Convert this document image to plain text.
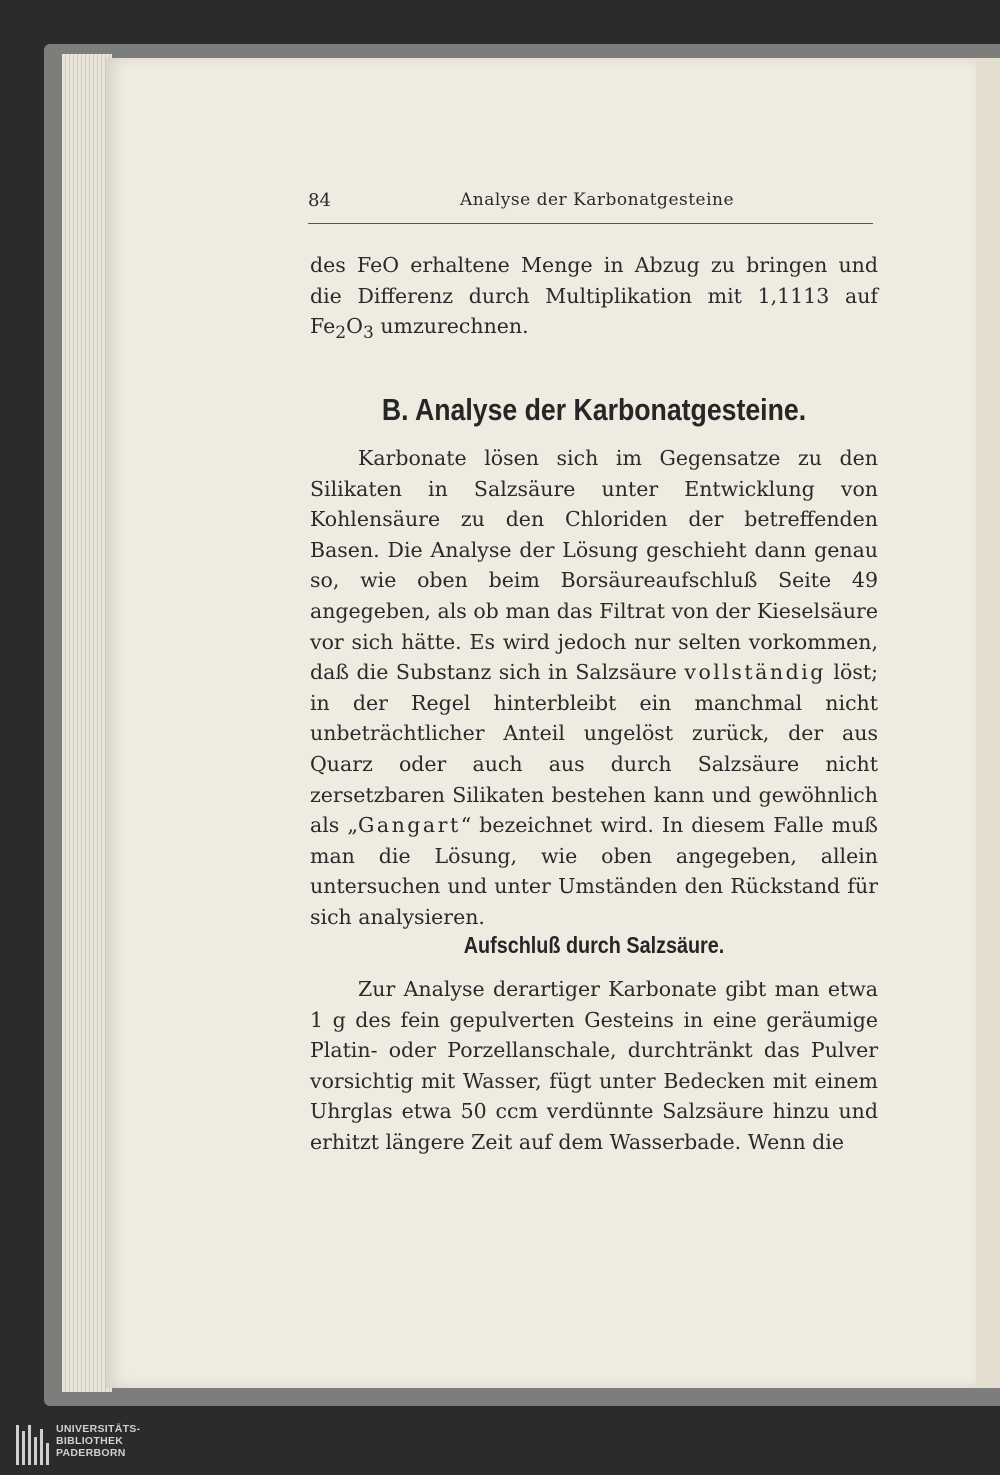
84	Analyse der Karbonatgesteine

des FeO erhaltene Menge in Abzug zu bringen und die Differenz durch Multiplikation mit 1,1113 auf $Fe_2O_3$ umzurechnen.

B. Analyse der Karbonatgesteine.

Karbonate lösen sich im Gegensatze zu den Silikaten in Salzsäure unter Entwicklung von Kohlensäure zu den Chloriden der betreffenden Basen. Die Analyse der Lösung geschieht dann genau so, wie oben beim Borsäureaufschluß Seite 49 angegeben, als ob man das Filtrat von der Kieselsäure vor sich hätte. Es wird jedoch nur selten vorkommen, daß die Substanz sich in Salzsäure vollständig löst; in der Regel hinterbleibt ein manchmal nicht unbeträchtlicher Anteil ungelöst zurück, der aus Quarz oder auch aus durch Salzsäure nicht zersetzbaren Silikaten bestehen kann und gewöhnlich als „Gangart“ bezeichnet wird. In diesem Falle muß man die Lösung, wie oben angegeben, allein untersuchen und unter Umständen den Rückstand für sich analysieren.

Aufschluß durch Salzsäure.

Zur Analyse derartiger Karbonate gibt man etwa 1 g des fein gepulverten Gesteins in eine geräumige Platin- oder Porzellanschale, durchtränkt das Pulver vorsichtig mit Wasser, fügt unter Bedecken mit einem Uhrglas etwa 50 ccm verdünnte Salzsäure hinzu und erhitzt längere Zeit auf dem Wasserbade. Wenn die

UNIVERSITÄTS-
BIBLIOTHEK
PADERBORN
